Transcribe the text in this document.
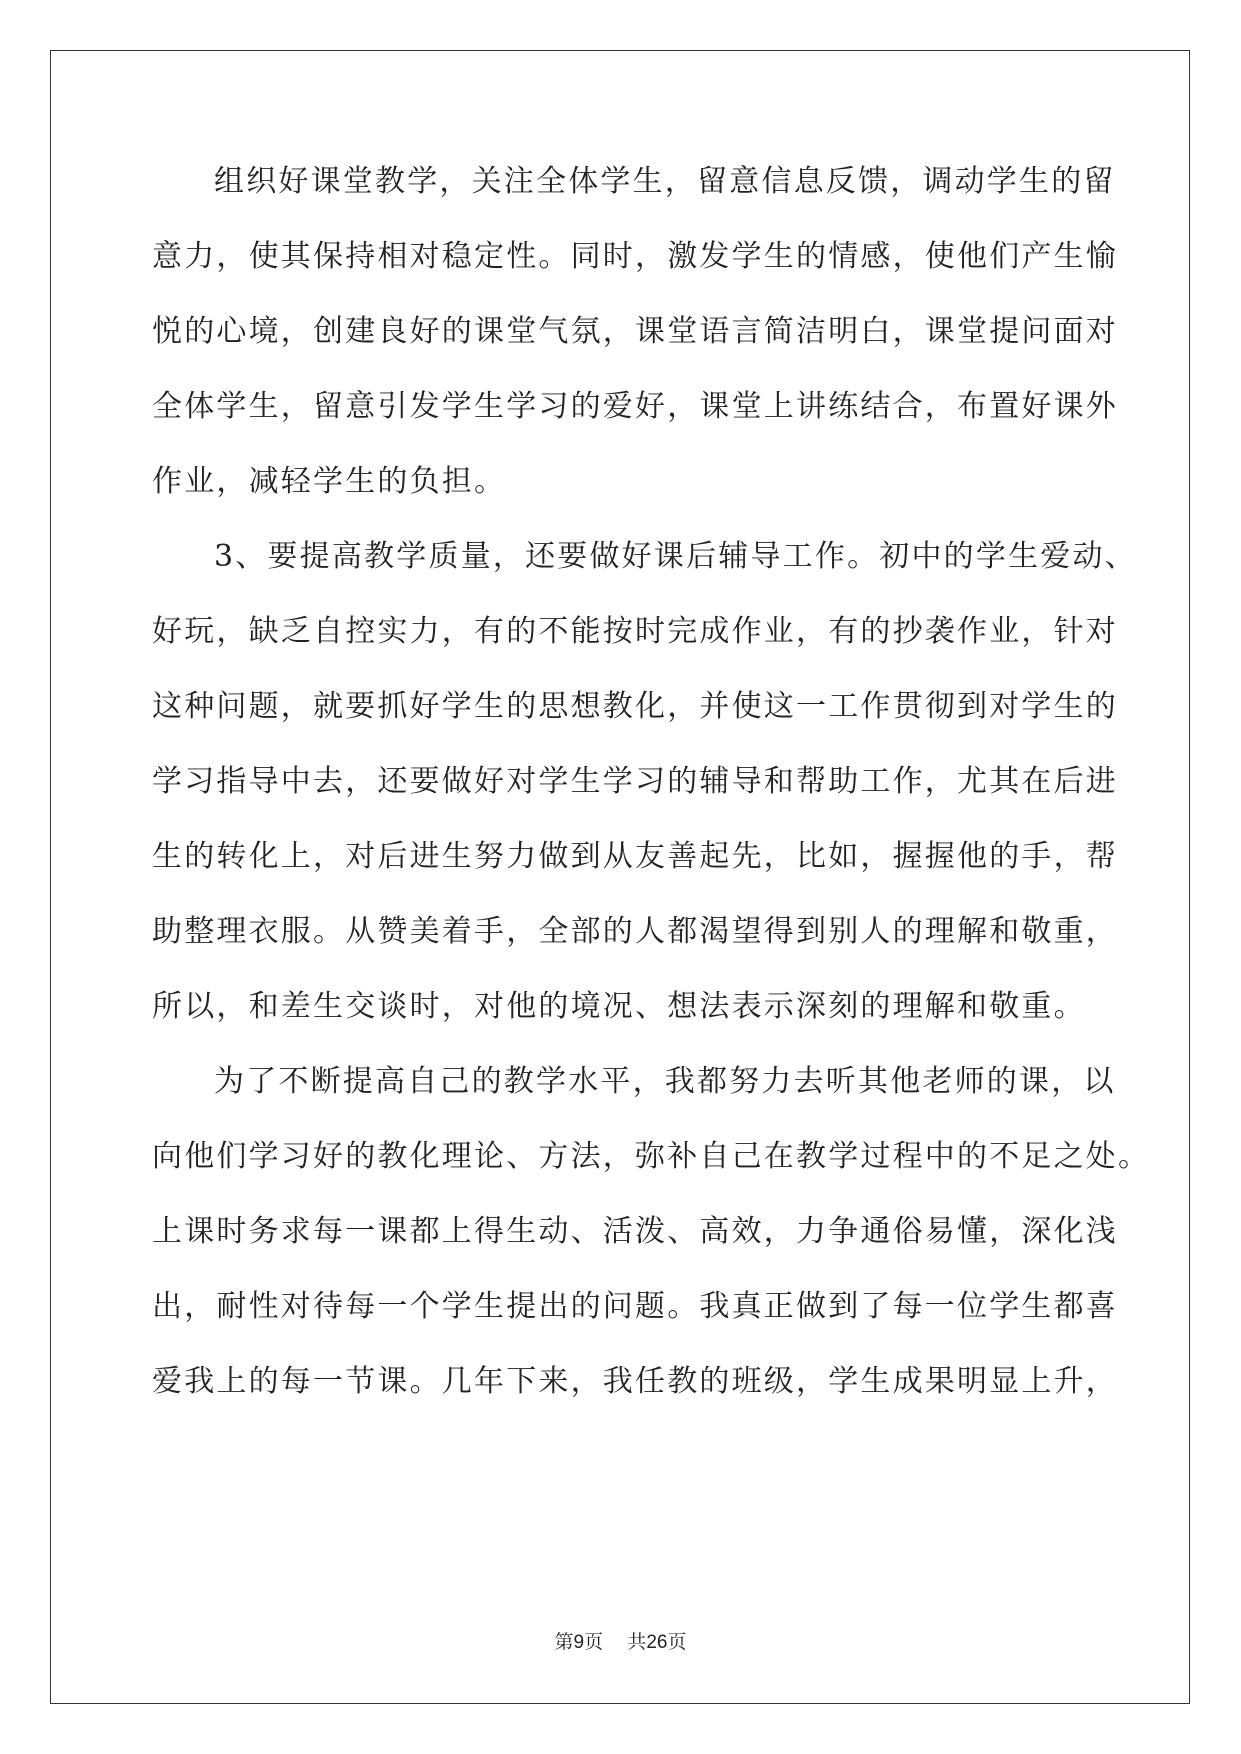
组织好课堂教学，关注全体学生，留意信息反馈，调动学生的留
意力，使其保持相对稳定性。同时，激发学生的情感，使他们产生愉
悦的心境，创建良好的课堂气氛，课堂语言简洁明白，课堂提问面对
全体学生，留意引发学生学习的爱好，课堂上讲练结合，布置好课外
作业，减轻学生的负担。
3、要提高教学质量，还要做好课后辅导工作。初中的学生爱动、
好玩，缺乏自控实力，有的不能按时完成作业，有的抄袭作业，针对
这种问题，就要抓好学生的思想教化，并使这一工作贯彻到对学生的
学习指导中去，还要做好对学生学习的辅导和帮助工作，尤其在后进
生的转化上，对后进生努力做到从友善起先，比如，握握他的手，帮
助整理衣服。从赞美着手，全部的人都渴望得到别人的理解和敬重，
所以，和差生交谈时，对他的境况、想法表示深刻的理解和敬重。
为了不断提高自己的教学水平，我都努力去听其他老师的课，以
向他们学习好的教化理论、方法，弥补自己在教学过程中的不足之处。
上课时务求每一课都上得生动、活泼、高效，力争通俗易懂，深化浅
出，耐性对待每一个学生提出的问题。我真正做到了每一位学生都喜
爱我上的每一节课。几年下来，我任教的班级，学生成果明显上升，
第9页 共26页
